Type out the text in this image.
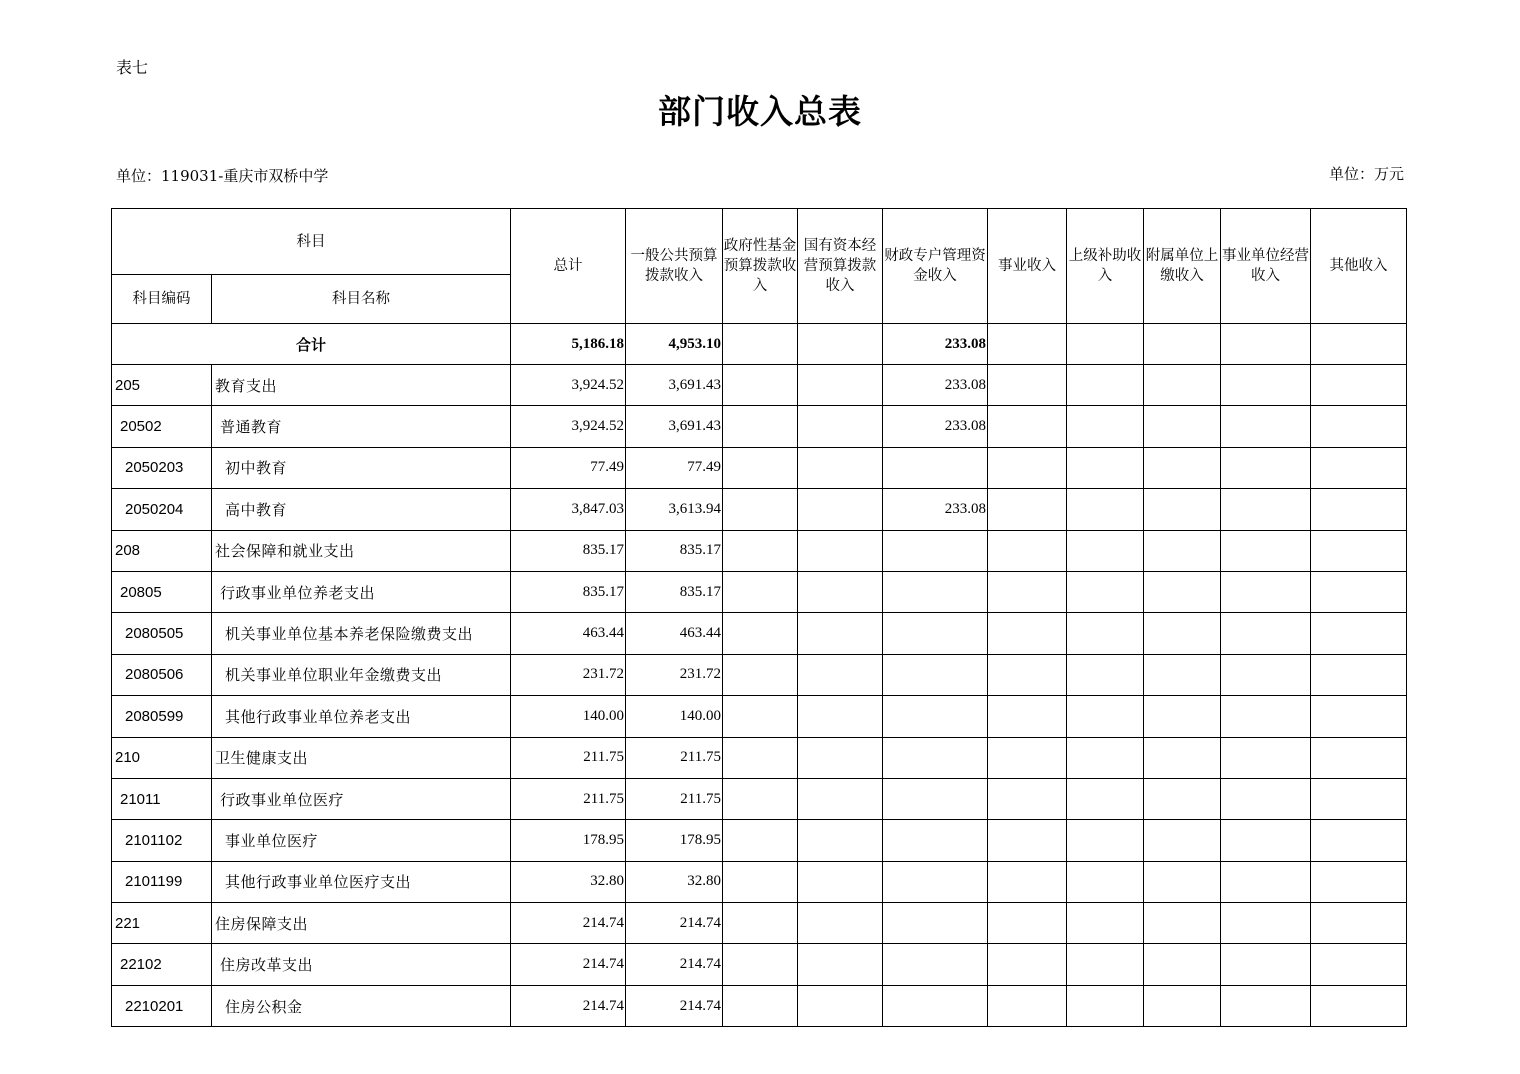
表七
部门收入总表
单位：119031-重庆市双桥中学	单位：万元
科目		总计	一般公共预算拨款收入	政府性基金预算拨款收入	国有资本经营预算拨款收入	财政专户管理资金收入	事业收入	上级补助收入	附属单位上缴收入	事业单位经营收入	其他收入
科目编码	科目名称										
合计		5,186.18	4,953.10			233.08					
205	教育支出	3,924.52	3,691.43			233.08					
20502	普通教育	3,924.52	3,691.43			233.08					
2050203	初中教育	77.49	77.49								
2050204	高中教育	3,847.03	3,613.94			233.08					
208	社会保障和就业支出	835.17	835.17								
20805	行政事业单位养老支出	835.17	835.17								
2080505	机关事业单位基本养老保险缴费支出	463.44	463.44								
2080506	机关事业单位职业年金缴费支出	231.72	231.72								
2080599	其他行政事业单位养老支出	140.00	140.00								
210	卫生健康支出	211.75	211.75								
21011	行政事业单位医疗	211.75	211.75								
2101102	事业单位医疗	178.95	178.95								
2101199	其他行政事业单位医疗支出	32.80	32.80								
221	住房保障支出	214.74	214.74								
22102	住房改革支出	214.74	214.74								
2210201	住房公积金	214.74	214.74								
